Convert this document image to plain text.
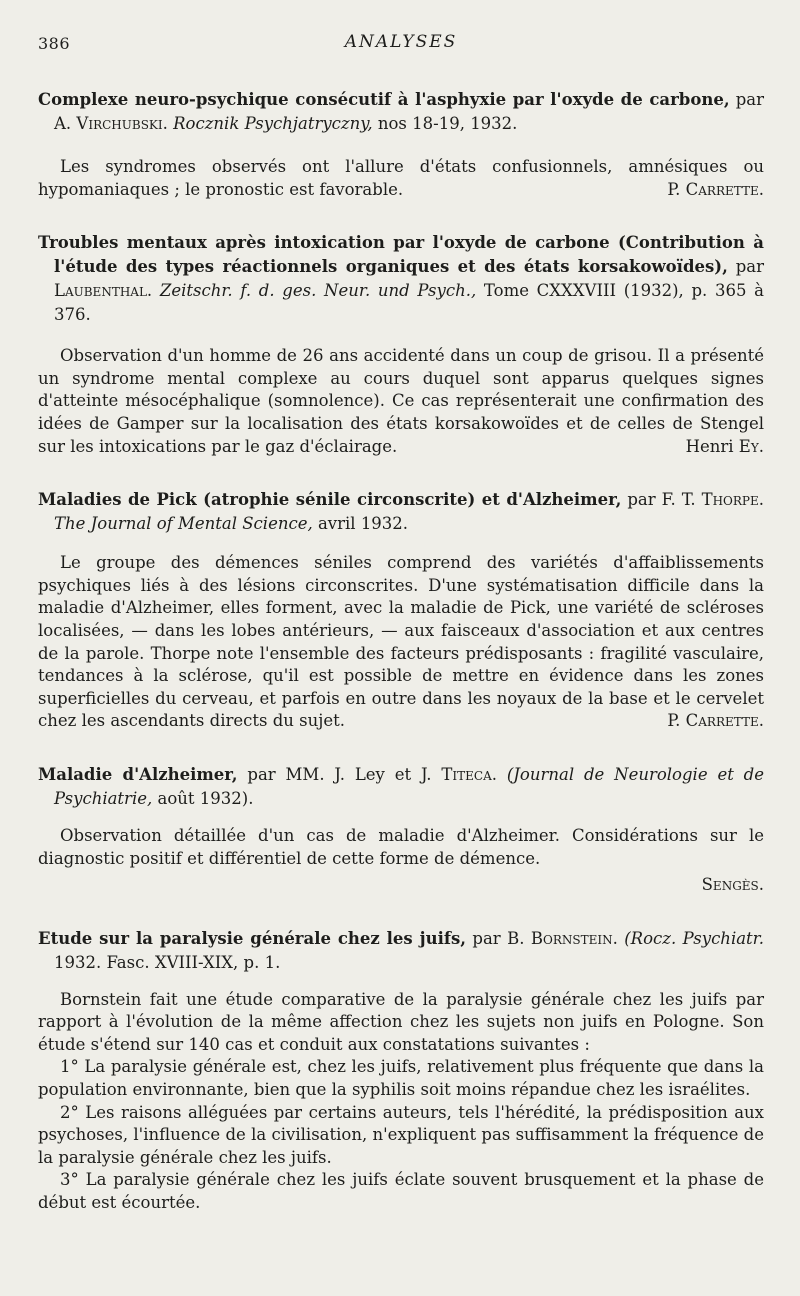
386	ANALYSES
Complexe neuro-psychique consécutif à l'asphyxie par l'oxyde de carbone, par A. Virchubski. Rocznik Psychjatryczny, nos 18-19, 1932.

Les syndromes observés ont l'allure d'états confusionnels, amnésiques ou hypomaniaques ; le pronostic est favorable.	P. Carrette.

Troubles mentaux après intoxication par l'oxyde de carbone (Contribution à l'étude des types réactionnels organiques et des états korsakowoïdes), par Laubenthal. Zeitschr. f. d. ges. Neur. und Psych., Tome CXXXVIII (1932), p. 365 à 376.

Observation d'un homme de 26 ans accidenté dans un coup de grisou. Il a présenté un syndrome mental complexe au cours duquel sont apparus quelques signes d'atteinte mésocéphalique (somnolence). Ce cas représenterait une confirmation des idées de Gamper sur la localisation des états korsakowoïdes et de celles de Stengel sur les intoxications par le gaz d'éclairage.	Henri Ey.

Maladies de Pick (atrophie sénile circonscrite) et d'Alzheimer, par F. T. Thorpe. The Journal of Mental Science, avril 1932.

Le groupe des démences séniles comprend des variétés d'affaiblissements psychiques liés à des lésions circonscrites. D'une systématisation difficile dans la maladie d'Alzheimer, elles forment, avec la maladie de Pick, une variété de scléroses localisées, — dans les lobes antérieurs, — aux faisceaux d'association et aux centres de la parole. Thorpe note l'ensemble des facteurs prédisposants : fragilité vasculaire, tendances à la sclérose, qu'il est possible de mettre en évidence dans les zones superficielles du cerveau, et parfois en outre dans les noyaux de la base et le cervelet chez les ascendants directs du sujet.	P. Carrette.

Maladie d'Alzheimer, par MM. J. Ley et J. Titeca. (Journal de Neurologie et de Psychiatrie, août 1932).

Observation détaillée d'un cas de maladie d'Alzheimer. Considérations sur le diagnostic positif et différentiel de cette forme de démence.

Sengès.
Etude sur la paralysie générale chez les juifs, par B. Bornstein. (Rocz. Psychiatr. 1932. Fasc. XVIII-XIX, p. 1.

Bornstein fait une étude comparative de la paralysie générale chez les juifs par rapport à l'évolution de la même affection chez les sujets non juifs en Pologne. Son étude s'étend sur 140 cas et conduit aux constatations suivantes :

1° La paralysie générale est, chez les juifs, relativement plus fréquente que dans la population environnante, bien que la syphilis soit moins répandue chez les israélites.

2° Les raisons alléguées par certains auteurs, tels l'hérédité, la prédisposition aux psychoses, l'influence de la civilisation, n'expliquent pas suffisamment la fréquence de la paralysie générale chez les juifs.

3° La paralysie générale chez les juifs éclate souvent brusquement et la phase de début est écourtée.
